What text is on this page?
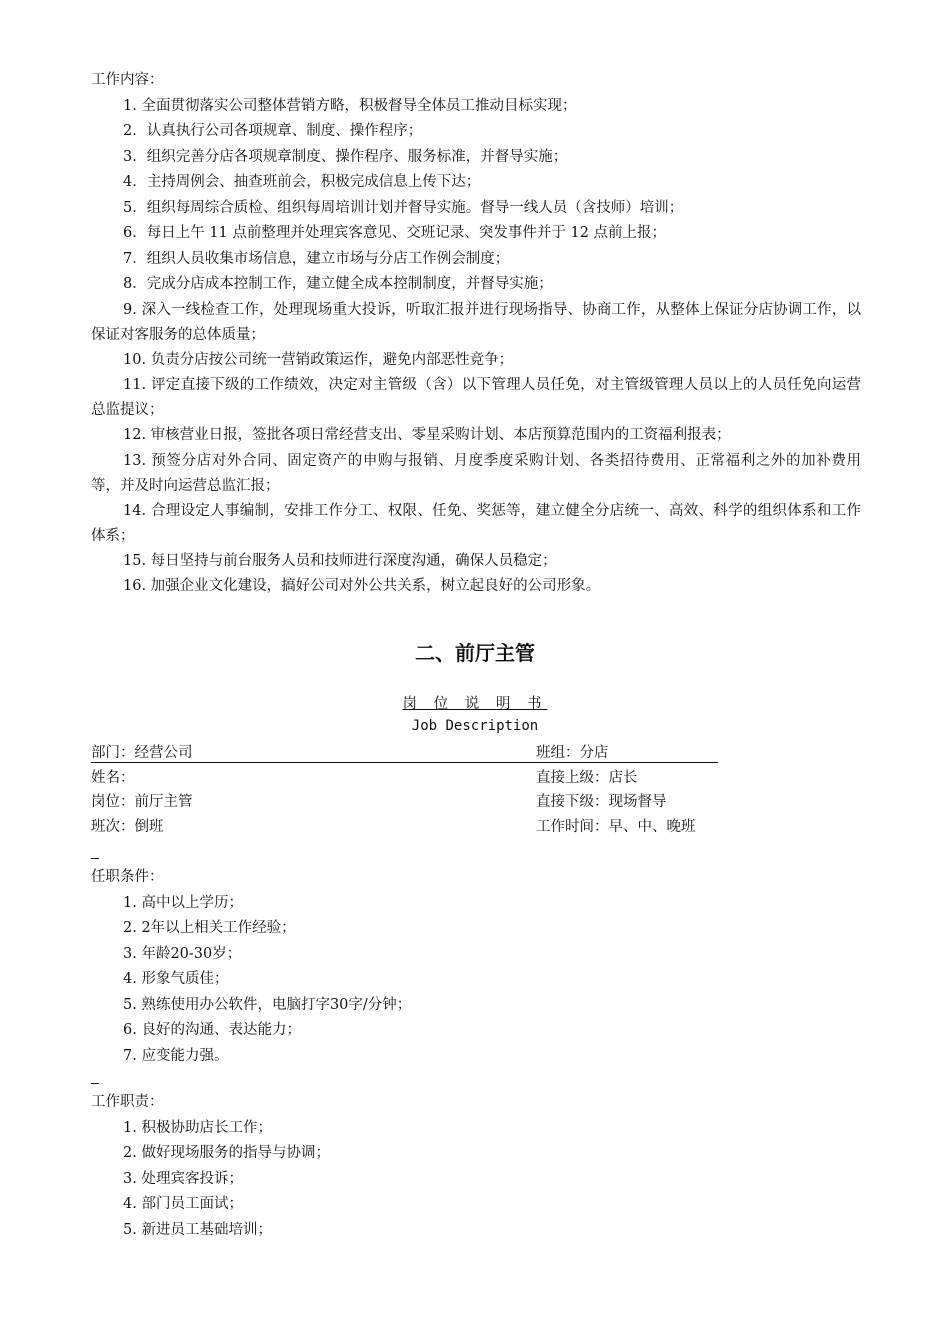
工作内容：
1. 全面贯彻落实公司整体营销方略，积极督导全体员工推动目标实现；
2．认真执行公司各项规章、制度、操作程序；
3．组织完善分店各项规章制度、操作程序、服务标准，并督导实施；
4．主持周例会、抽查班前会，积极完成信息上传下达；
5．组织每周综合质检、组织每周培训计划并督导实施。督导一线人员（含技师）培训；
6．每日上午 11 点前整理并处理宾客意见、交班记录、突发事件并于 12 点前上报；
7．组织人员收集市场信息，建立市场与分店工作例会制度；
8．完成分店成本控制工作，建立健全成本控制制度，并督导实施；
9. 深入一线检查工作，处理现场重大投诉，听取汇报并进行现场指导、协商工作，从整体上保证分店协调工作，以保证对客服务的总体质量；
10. 负责分店按公司统一营销政策运作，避免内部恶性竞争；
11. 评定直接下级的工作绩效，决定对主管级（含）以下管理人员任免，对主管级管理人员以上的人员任免向运营总监提议；
12. 审核营业日报，签批各项日常经营支出、零星采购计划、本店预算范围内的工资福利报表；
13. 预签分店对外合同、固定资产的申购与报销、月度季度采购计划、各类招待费用、正常福利之外的加补费用等，并及时向运营总监汇报；
14. 合理设定人事编制，安排工作分工、权限、任免、奖惩等，建立健全分店统一、高效、科学的组织体系和工作体系；
15. 每日坚持与前台服务人员和技师进行深度沟通，确保人员稳定；
16. 加强企业文化建设，搞好公司对外公共关系，树立起良好的公司形象。
二、前厅主管
岗 位 说 明 书
Job Description
部门：经营公司	班组：分店
姓名：	直接上级：店长
岗位：前厅主管	直接下级：现场督导
班次：倒班	工作时间：早、中、晚班
任职条件：
1. 高中以上学历；
2. 2年以上相关工作经验；
3. 年龄20-30岁；
4. 形象气质佳；
5. 熟练使用办公软件，电脑打字30字/分钟；
6. 良好的沟通、表达能力；
7. 应变能力强。
工作职责：
1. 积极协助店长工作；
2. 做好现场服务的指导与协调；
3. 处理宾客投诉；
4. 部门员工面试；
5. 新进员工基础培训；
